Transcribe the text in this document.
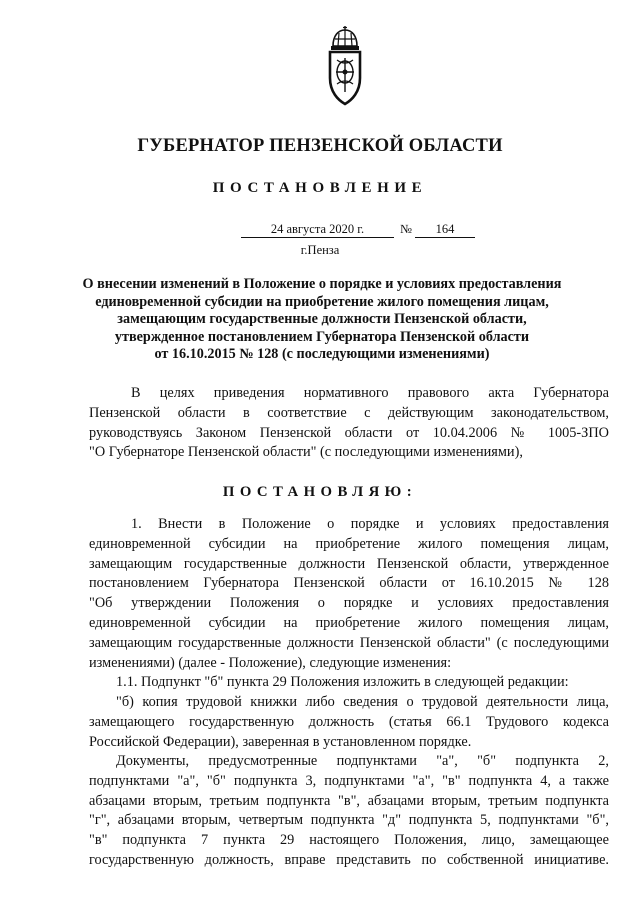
ГУБЕРНАТОР ПЕНЗЕНСКОЙ ОБЛАСТИ
ПОСТАНОВЛЕНИЕ
24 августа 2020 г.	№	164
г.Пенза
О внесении изменений в Положение о порядке и условиях предоставления
единовременной субсидии на приобретение жилого помещения лицам,
замещающим государственные должности Пензенской области,
утвержденное постановлением Губернатора Пензенской области
от 16.10.2015 № 128 (с последующими изменениями)
В целях приведения нормативного правового акта Губернатора
Пензенской области в соответствие с действующим законодательством,
руководствуясь Законом Пензенской области от 10.04.2006 № 1005-ЗПО
"О Губернаторе Пензенской области" (с последующими изменениями),
ПОСТАНОВЛЯЮ:
1. Внести в Положение о порядке и условиях предоставления
единовременной субсидии на приобретение жилого помещения лицам,
замещающим государственные должности Пензенской области, утвержденное
постановлением Губернатора Пензенской области от 16.10.2015 № 128
"Об утверждении Положения о порядке и условиях предоставления
единовременной субсидии на приобретение жилого помещения лицам,
замещающим государственные должности Пензенской области" (с последующими
изменениями) (далее - Положение), следующие изменения:
1.1. Подпункт "б" пункта 29 Положения изложить в следующей редакции:
"б) копия трудовой книжки либо сведения о трудовой деятельности лица,
замещающего государственную должность (статья 66.1 Трудового кодекса
Российской Федерации), заверенная в установленном порядке.
Документы, предусмотренные подпунктами "а", "б" подпункта 2,
подпунктами "а", "б" подпункта 3, подпунктами "а", "в" подпункта 4, а также
абзацами вторым, третьим подпункта "в", абзацами вторым, третьим подпункта
"г", абзацами вторым, четвертым подпункта "д" подпункта 5, подпунктами "б",
"в" подпункта 7 пункта 29 настоящего Положения, лицо, замещающее
государственную должность, вправе представить по собственной инициативе.
